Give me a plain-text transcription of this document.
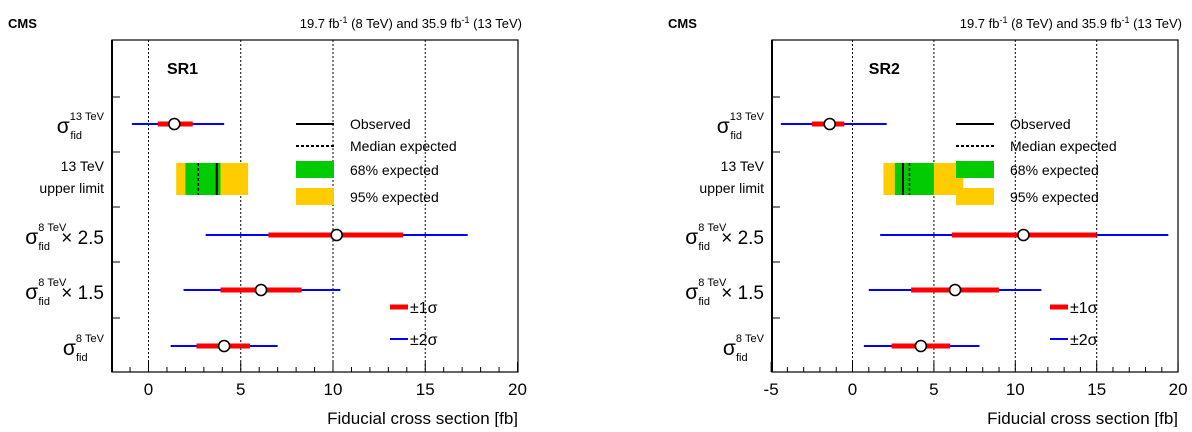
CMS	19.7 $fb^{-1}$ (8 TeV) and 35.9 $fb^{-1}$ (13 TeV)
0	5	10	15	20
Fiducial cross section [fb]
SR1
$\sigma^{13 TeV}$ fid
13 TeV
upper limit
$\sigma^{8 TeV}$ fid × 2.5
$\sigma^{8 TeV}$ fid × 1.5
$\sigma^{8 TeV}$ fid
Observed
Median expected
68% expected
95% expected
±1σ
±2σ
CMS	19.7 $fb^{-1}$ (8 TeV) and 35.9 $fb^{-1}$ (13 TeV)
-5	0	5	10	15	20
Fiducial cross section [fb]
SR2
$\sigma^{13 TeV}$ fid
13 TeV
upper limit
$\sigma^{8 TeV}$ fid × 2.5
$\sigma^{8 TeV}$ fid × 1.5
$\sigma^{8 TeV}$ fid
Observed
Median expected
68% expected
95% expected
±1σ
±2σ
